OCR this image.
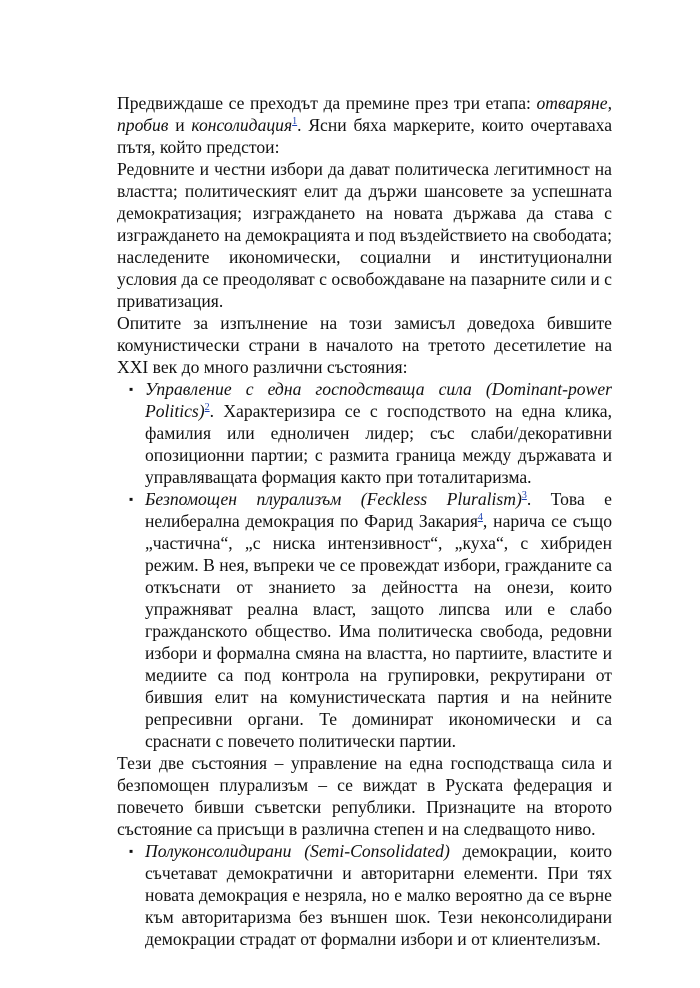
Предвиждаше се преходът да премине през три етапа: отваряне, пробив и консолидация$^1$. Ясни бяха маркерите, които очертаваха пътя, който предстои:

Редовните и честни избори да дават политическа легитимност на властта; политическият елит да държи шансовете за успешната демократизация; изграждането на новата държава да става с изграждането на демокрацията и под въздействието на свободата; наследените икономически, социални и институционални условия да се преодоляват с освобождаване на пазарните сили и с приватизация.

Опитите за изпълнение на този замисъл доведоха бившите комунистически страни в началото на третото десетилетие на XXI век до много различни състояния:

▪ Управление с една господстваща сила (Dominant-power Politics)$^2$. Характеризира се с господството на една клика, фамилия или едноличен лидер; със слаби/декоративни опозиционни партии; с размита граница между държавата и управляващата формация както при тоталитаризма.

▪ Безпомощен плурализъм (Feckless Pluralism)$^3$. Това е нелиберална демокрация по Фарид Закария$^4$, нарича се също „частична“, „с ниска интензивност“, „куха“, с хибриден режим. В нея, въпреки че се провеждат избори, гражданите са откъснати от знанието за дейността на онези, които упражняват реална власт, защото липсва или е слабо гражданското общество. Има политическа свобода, редовни избори и формална смяна на властта, но партиите, властите и медиите са под контрола на групировки, рекрутирани от бившия елит на комунистическата партия и на нейните репресивни органи. Те доминират икономически и са сраснати с повечето политически партии.

Тези две състояния – управление на една господстваща сила и безпомощен плурализъм – се виждат в Руската федерация и повечето бивши съветски републики. Признаците на второто състояние са присъщи в различна степен и на следващото ниво.

▪ Полуконсолидирани (Semi-Consolidated) демокрации, които съчетават демократични и авторитарни елементи. При тях новата демокрация е незряла, но е малко вероятно да се върне към авторитаризма без външен шок. Тези неконсолидирани демокрации страдат от формални избори и от клиентелизъм.
